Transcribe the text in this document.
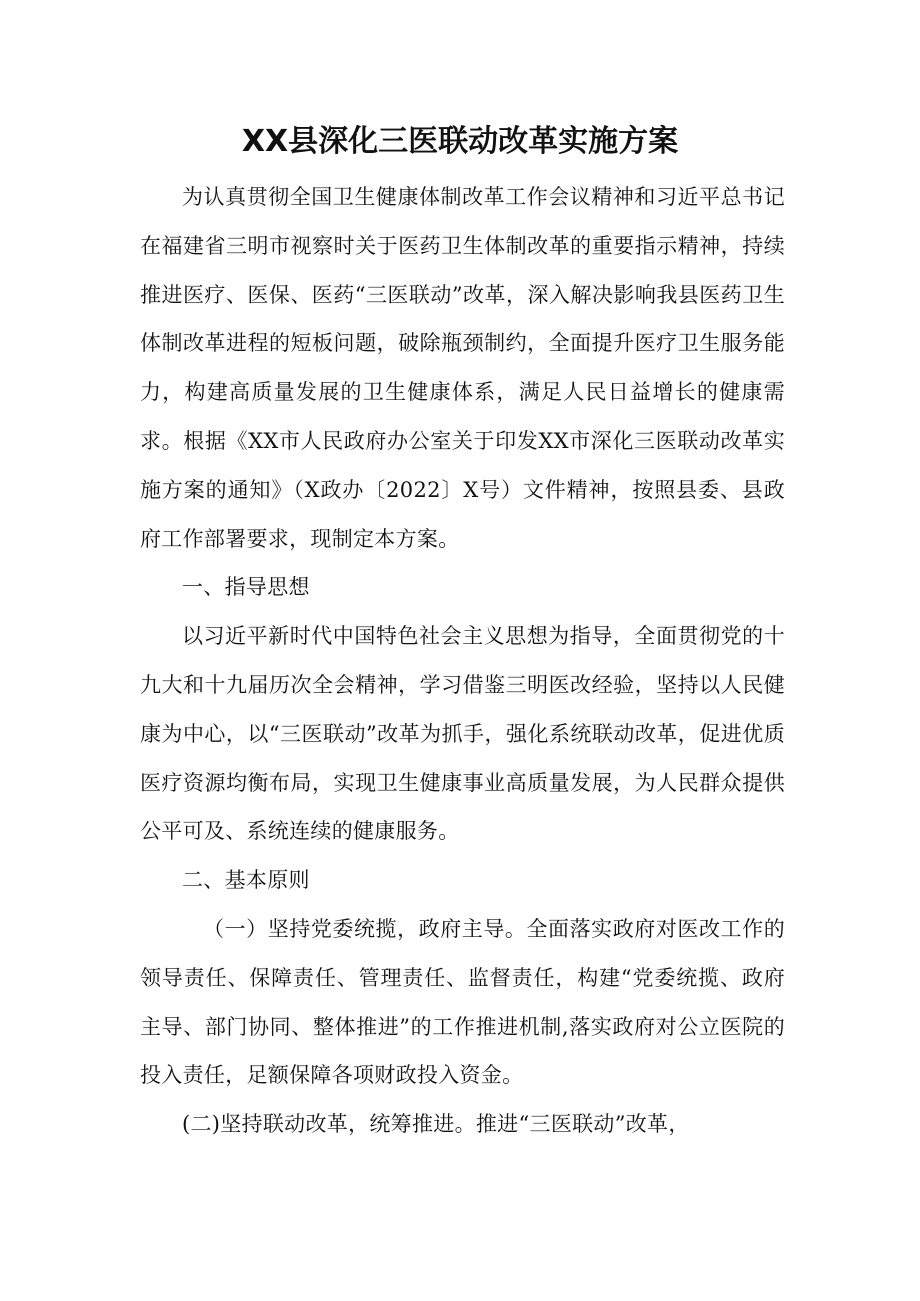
XX县深化三医联动改革实施方案

为认真贯彻全国卫生健康体制改革工作会议精神和习近平总书记在福建省三明市视察时关于医药卫生体制改革的重要指示精神，持续推进医疗、医保、医药“三医联动”改革，深入解决影响我县医药卫生体制改革进程的短板问题，破除瓶颈制约，全面提升医疗卫生服务能力，构建高质量发展的卫生健康体系，满足人民日益增长的健康需求。根据《XX市人民政府办公室关于印发XX市深化三医联动改革实施方案的通知》（X政办〔2022〕X号）文件精神，按照县委、县政府工作部署要求，现制定本方案。

一、指导思想

以习近平新时代中国特色社会主义思想为指导，全面贯彻党的十九大和十九届历次全会精神，学习借鉴三明医改经验，坚持以人民健康为中心，以“三医联动”改革为抓手，强化系统联动改革，促进优质医疗资源均衡布局，实现卫生健康事业高质量发展，为人民群众提供公平可及、系统连续的健康服务。

二、基本原则

（一）坚持党委统揽，政府主导。全面落实政府对医改工作的领导责任、保障责任、管理责任、监督责任，构建“党委统揽、政府主导、部门协同、整体推进”的工作推进机制,落实政府对公立医院的投入责任，足额保障各项财政投入资金。

(二)坚持联动改革，统筹推进。推进“三医联动”改革，
